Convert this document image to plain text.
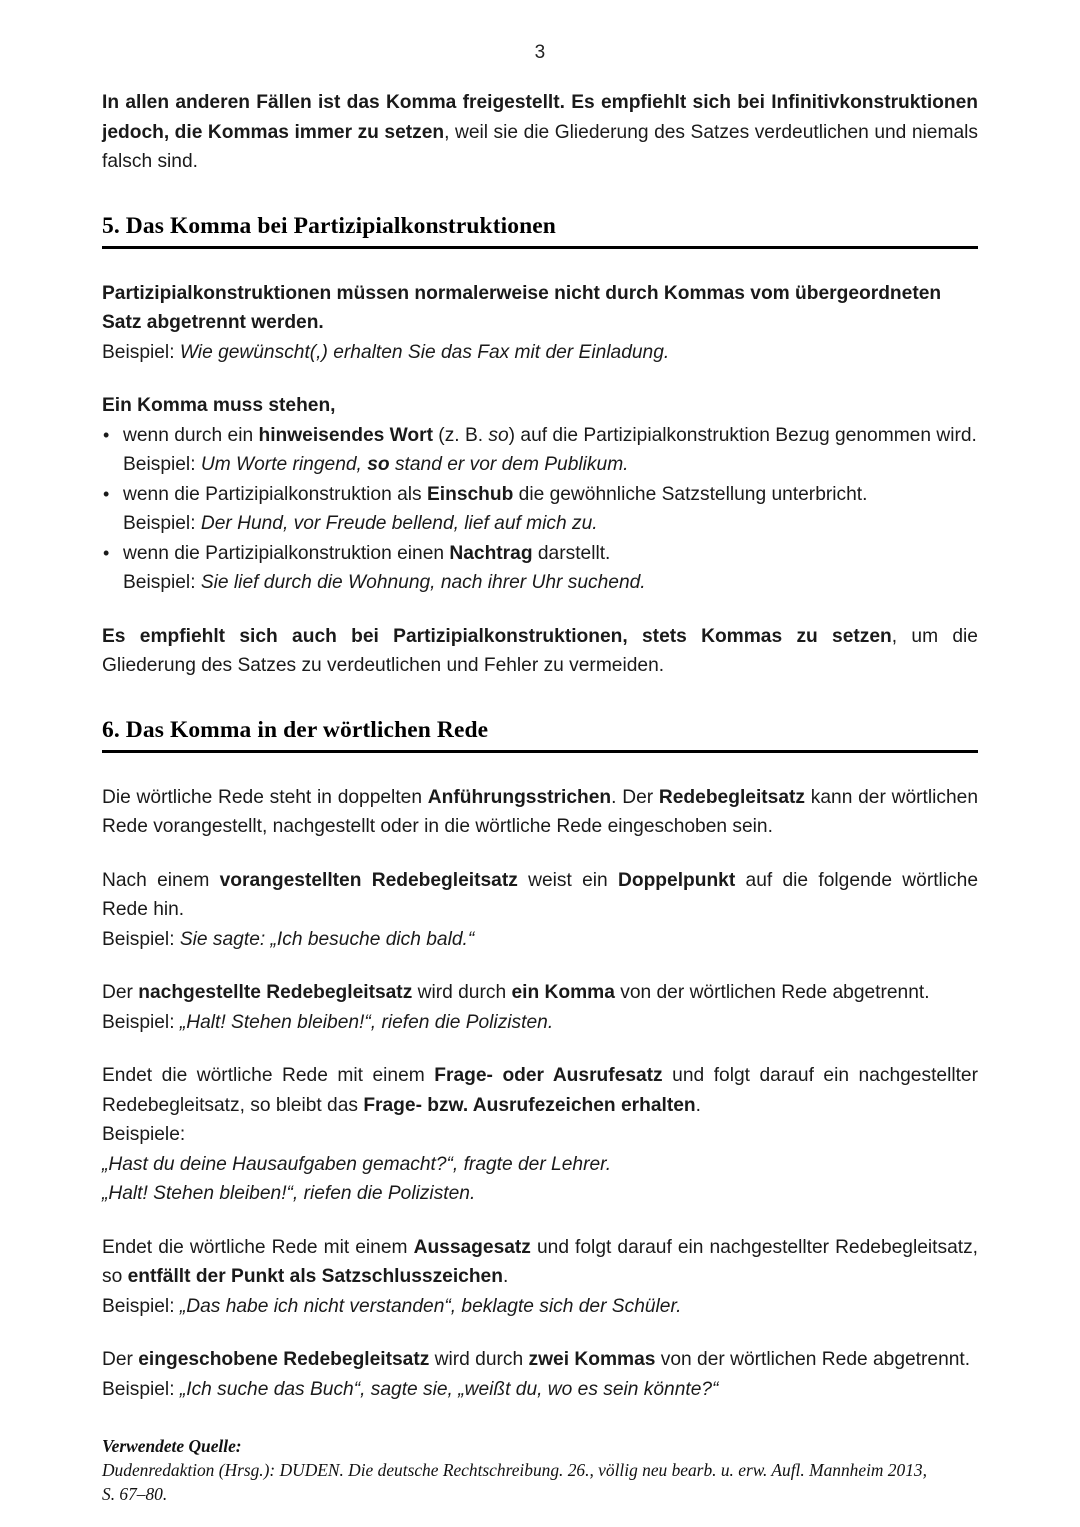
3

In allen anderen Fällen ist das Komma freigestellt. Es empfiehlt sich bei Infinitivkonstruktionen jedoch, die Kommas immer zu setzen, weil sie die Gliederung des Satzes verdeutlichen und niemals falsch sind.

5. Das Komma bei Partizipialkonstruktionen

Partizipialkonstruktionen müssen normalerweise nicht durch Kommas vom übergeordneten Satz abgetrennt werden.

Beispiel: Wie gewünscht(,) erhalten Sie das Fax mit der Einladung.

Ein Komma muss stehen,

• wenn durch ein hinweisendes Wort (z. B. so) auf die Partizipialkonstruktion Bezug genommen wird.
Beispiel: Um Worte ringend, so stand er vor dem Publikum.
• wenn die Partizipialkonstruktion als Einschub die gewöhnliche Satzstellung unterbricht.
Beispiel: Der Hund, vor Freude bellend, lief auf mich zu.
• wenn die Partizipialkonstruktion einen Nachtrag darstellt.
Beispiel: Sie lief durch die Wohnung, nach ihrer Uhr suchend.

Es empfiehlt sich auch bei Partizipialkonstruktionen, stets Kommas zu setzen, um die Gliederung des Satzes zu verdeutlichen und Fehler zu vermeiden.

6. Das Komma in der wörtlichen Rede

Die wörtliche Rede steht in doppelten Anführungsstrichen. Der Redebegleitsatz kann der wörtlichen Rede vorangestellt, nachgestellt oder in die wörtliche Rede eingeschoben sein.

Nach einem vorangestellten Redebegleitsatz weist ein Doppelpunkt auf die folgende wörtliche Rede hin.

Beispiel: Sie sagte: „Ich besuche dich bald.“

Der nachgestellte Redebegleitsatz wird durch ein Komma von der wörtlichen Rede abgetrennt.

Beispiel: „Halt! Stehen bleiben!“, riefen die Polizisten.

Endet die wörtliche Rede mit einem Frage- oder Ausrufesatz und folgt darauf ein nachgestellter Redebegleitsatz, so bleibt das Frage- bzw. Ausrufezeichen erhalten.

Beispiele:

„Hast du deine Hausaufgaben gemacht?“, fragte der Lehrer.

„Halt! Stehen bleiben!“, riefen die Polizisten.

Endet die wörtliche Rede mit einem Aussagesatz und folgt darauf ein nachgestellter Redebegleitsatz, so entfällt der Punkt als Satzschlusszeichen.

Beispiel: „Das habe ich nicht verstanden“, beklagte sich der Schüler.

Der eingeschobene Redebegleitsatz wird durch zwei Kommas von der wörtlichen Rede abgetrennt.

Beispiel: „Ich suche das Buch“, sagte sie, „weißt du, wo es sein könnte?“

Verwendete Quelle:
Dudenredaktion (Hrsg.): DUDEN. Die deutsche Rechtschreibung. 26., völlig neu bearb. u. erw. Aufl. Mannheim 2013,
S. 67–80.
